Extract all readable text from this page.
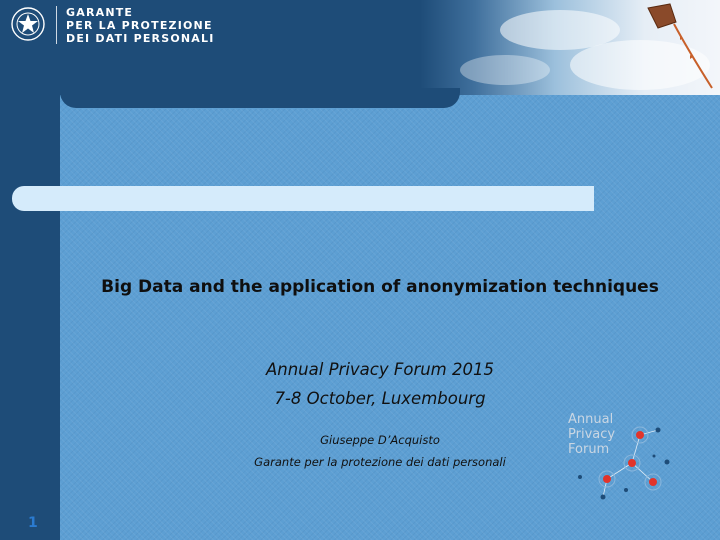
GARANTE
PER LA PROTEZIONE
DEI DATI PERSONALI
Big Data and the application of anonymization techniques
Annual Privacy Forum 2015
7-8 October, Luxembourg
Giuseppe D’Acquisto
Garante per la protezione dei dati personali
Annual
Privacy
Forum
1
